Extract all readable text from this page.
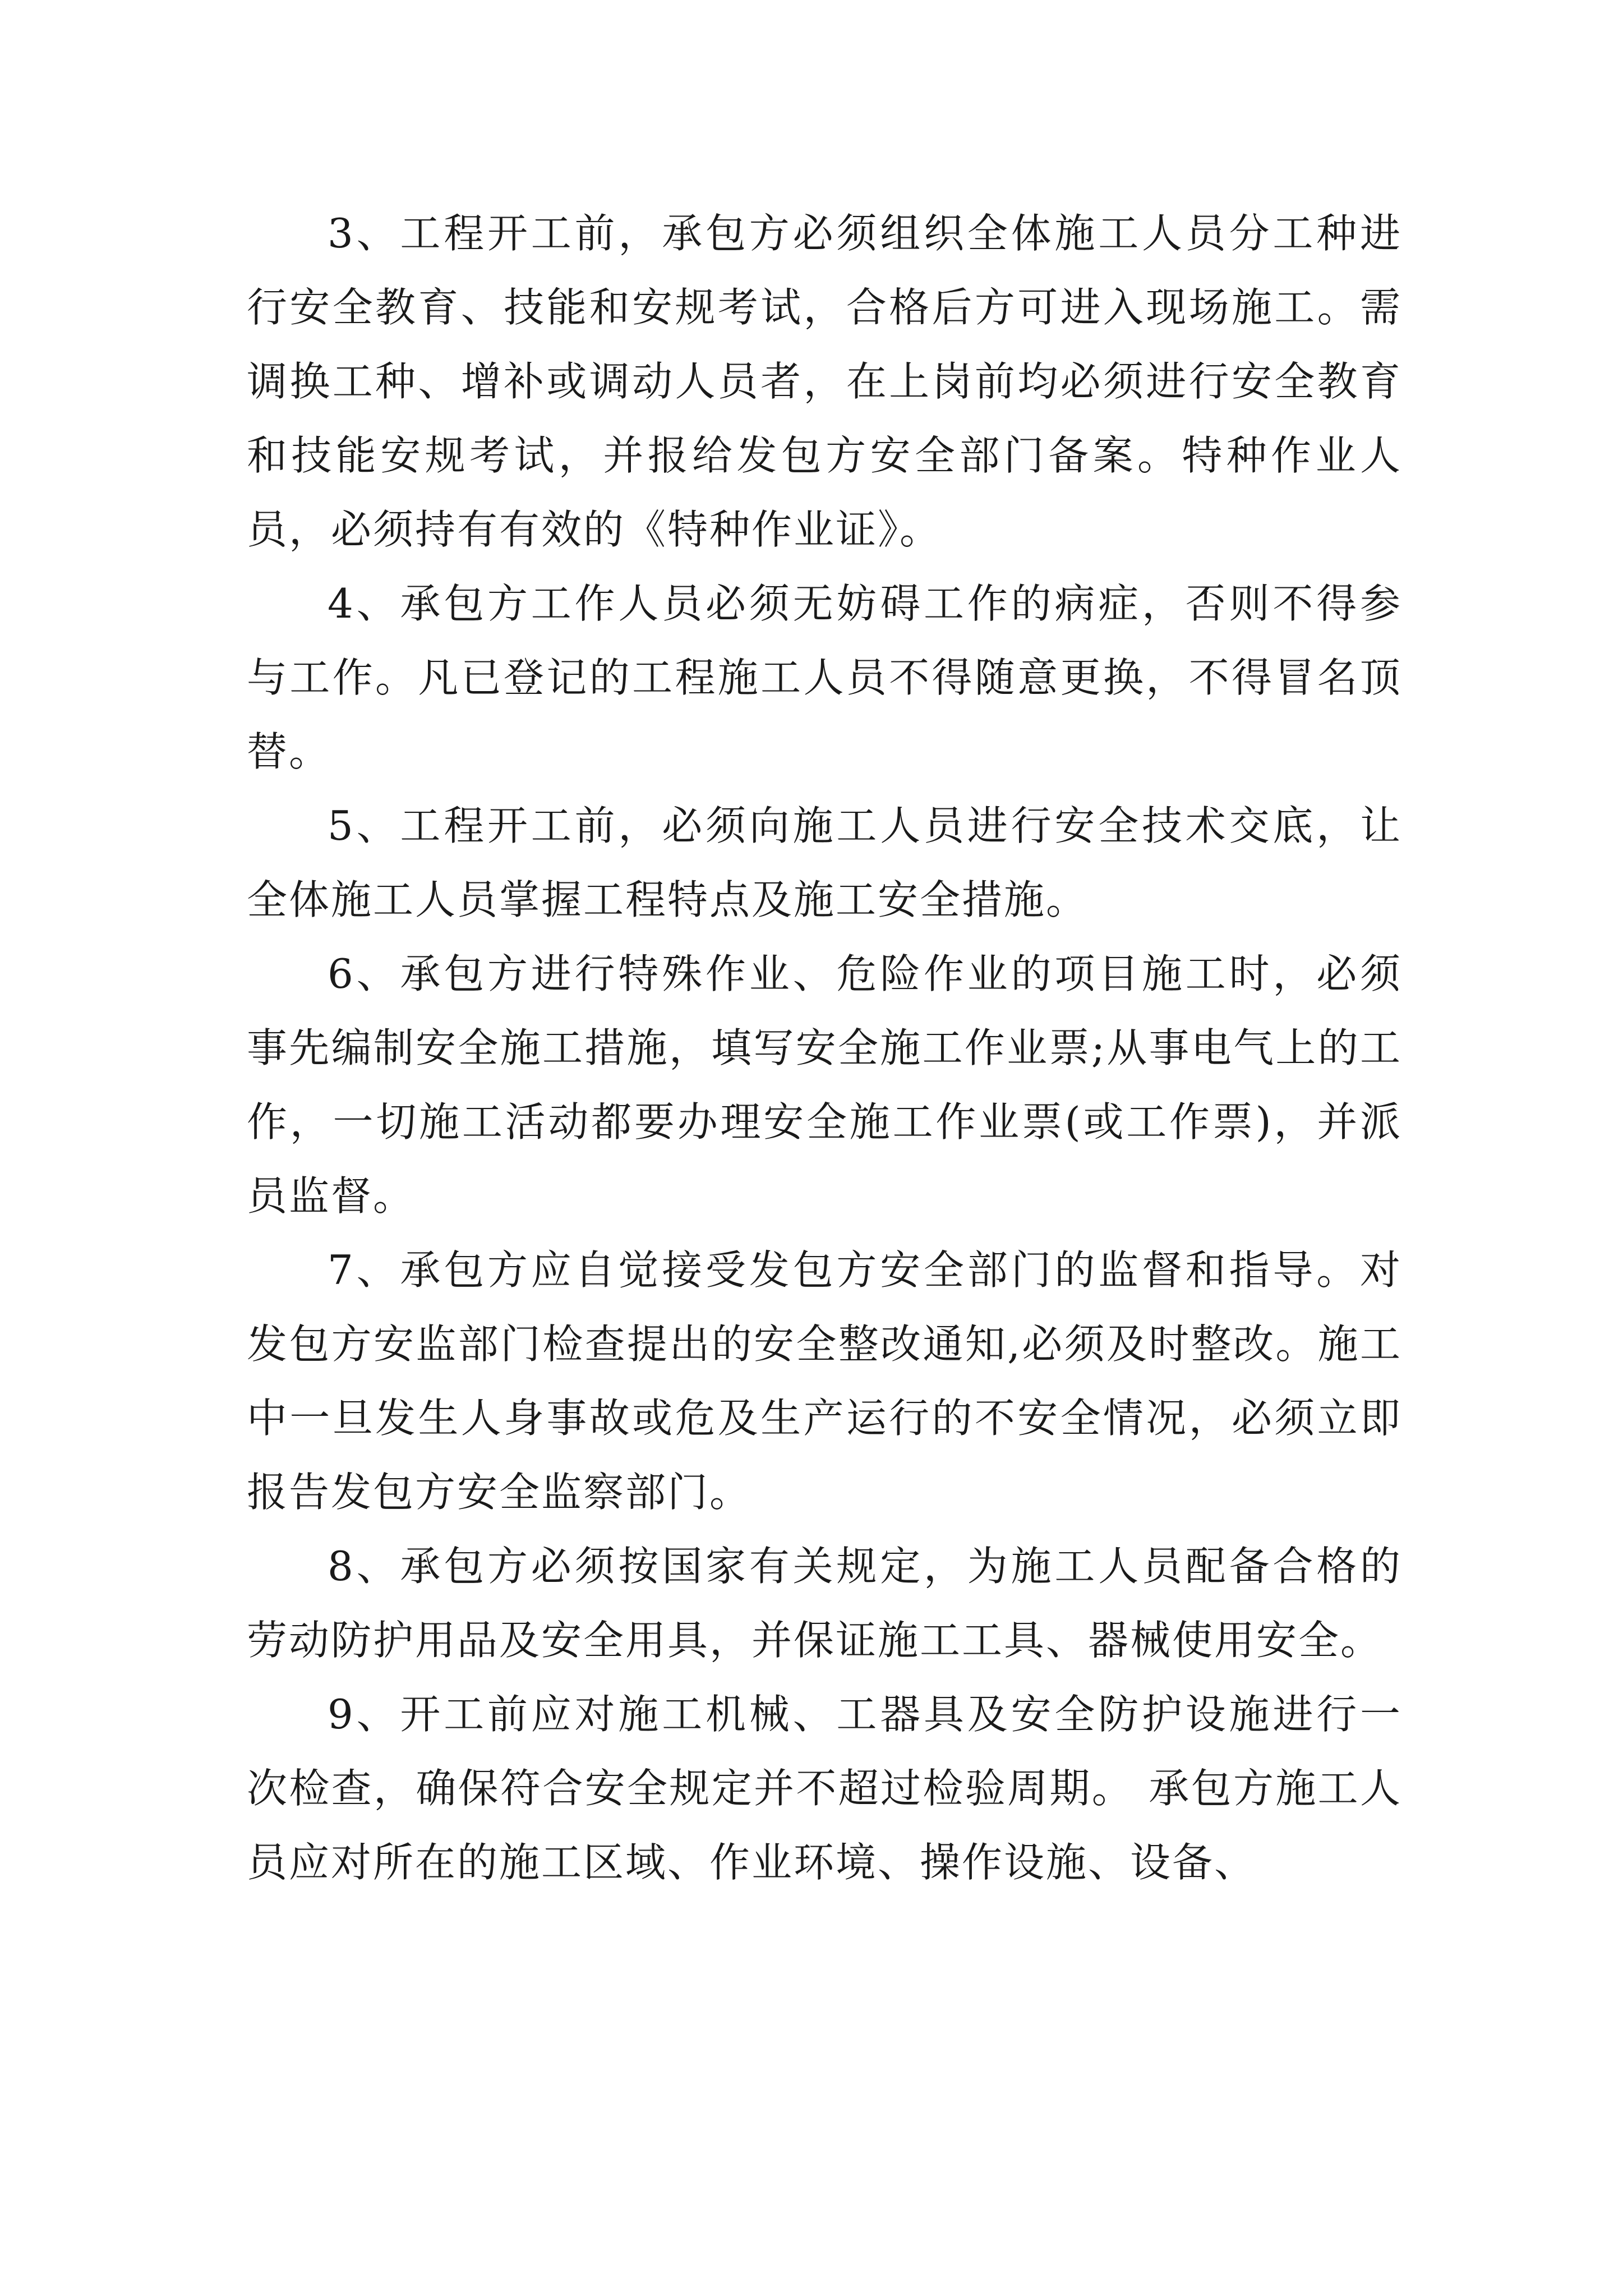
3、工程开工前，承包方必须组织全体施工人员分工种进行安全教育、技能和安规考试，合格后方可进入现场施工。需调换工种、增补或调动人员者，在上岗前均必须进行安全教育和技能安规考试，并报给发包方安全部门备案。特种作业人员，必须持有有效的《特种作业证》。

4、承包方工作人员必须无妨碍工作的病症，否则不得参与工作。凡已登记的工程施工人员不得随意更换，不得冒名顶替。

5、工程开工前，必须向施工人员进行安全技术交底，让全体施工人员掌握工程特点及施工安全措施。

6、承包方进行特殊作业、危险作业的项目施工时，必须事先编制安全施工措施，填写安全施工作业票;从事电气上的工作，一切施工活动都要办理安全施工作业票(或工作票)，并派员监督。

7、承包方应自觉接受发包方安全部门的监督和指导。对发包方安监部门检查提出的安全整改通知,必须及时整改。施工中一旦发生人身事故或危及生产运行的不安全情况，必须立即报告发包方安全监察部门。

8、承包方必须按国家有关规定，为施工人员配备合格的劳动防护用品及安全用具，并保证施工工具、器械使用安全。

9、开工前应对施工机械、工器具及安全防护设施进行一次检查，确保符合安全规定并不超过检验周期。 承包方施工人员应对所在的施工区域、作业环境、操作设施、设备、
